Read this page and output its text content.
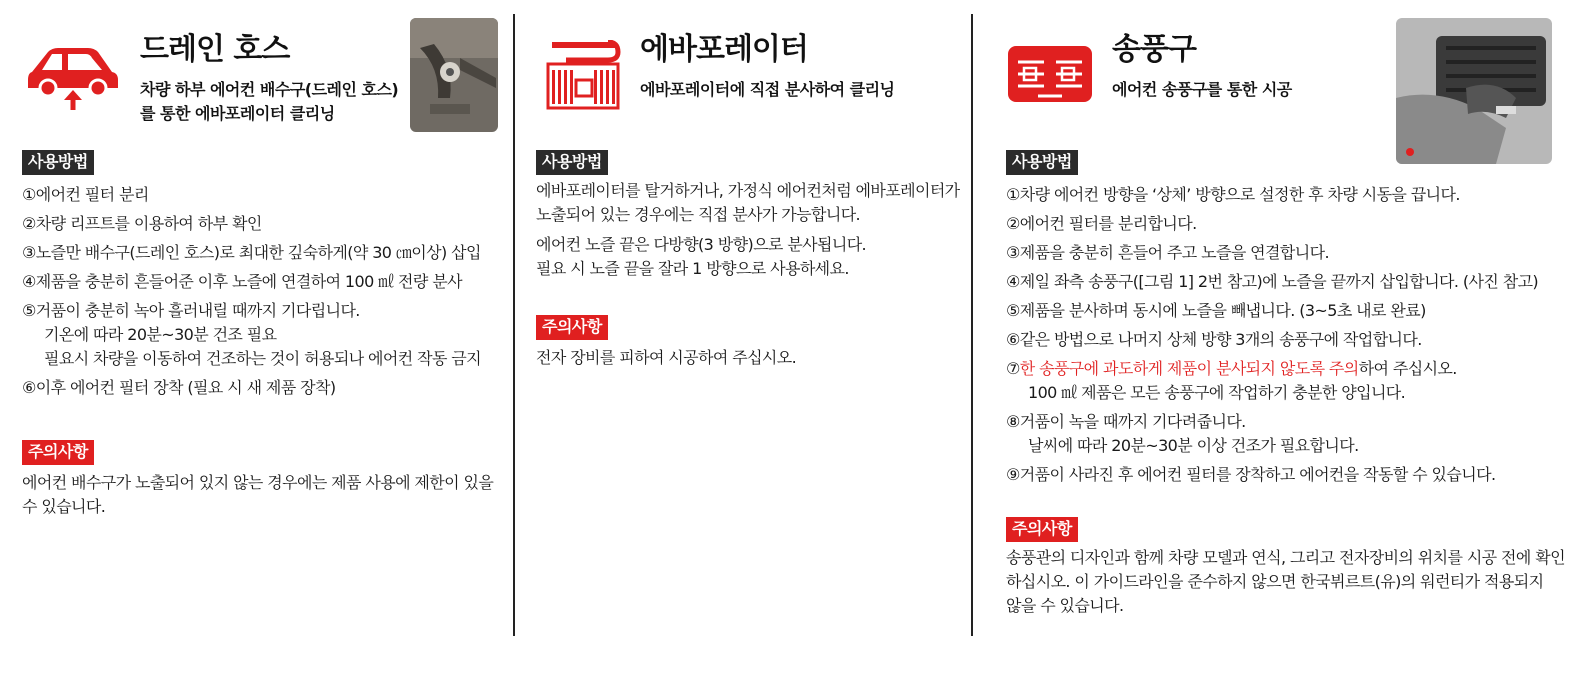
드레인 호스
차량 하부 에어컨 배수구(드레인 호스)
를 통한 에바포레이터 클리닝
사용방법
①에어컨 필터 분리
②차량 리프트를 이용하여 하부 확인
③노즐만 배수구(드레인 호스)로 최대한 깊숙하게(약 30 ㎝이상) 삽입
④제품을 충분히 흔들어준 이후 노즐에 연결하여 100 ㎖ 전량 분사
⑤거품이 충분히 녹아 흘러내릴 때까지 기다립니다.
기온에 따라 20분~30분 건조 필요
필요시 차량을 이동하여 건조하는 것이 허용되나 에어컨 작동 금지
⑥이후 에어컨 필터 장착 (필요 시 새 제품 장착)
주의사항

에어컨 배수구가 노출되어 있지 않는 경우에는 제품 사용에 제한이 있을 수 있습니다.

에바포레이터
에바포레이터에 직접 분사하여 클리닝
사용방법
에바포레이터를 탈거하거나, 가정식 에어컨처럼 에바포레이터가
노출되어 있는 경우에는 직접 분사가 가능합니다.
에어컨 노즐 끝은 다방향(3 방향)으로 분사됩니다.
필요 시 노즐 끝을 잘라 1 방향으로 사용하세요.
주의사항

전자 장비를 피하여 시공하여 주십시오.

송풍구
에어컨 송풍구를 통한 시공
사용방법
①차량 에어컨 방향을 ‘상체’ 방향으로 설정한 후 차량 시동을 끕니다.
②에어컨 필터를 분리합니다.
③제품을 충분히 흔들어 주고 노즐을 연결합니다.
④제일 좌측 송풍구([그림 1] 2번 참고)에 노즐을 끝까지 삽입합니다. (사진 참고)
⑤제품을 분사하며 동시에 노즐을 빼냅니다. (3~5초 내로 완료)
⑥같은 방법으로 나머지 상체 방향 3개의 송풍구에 작업합니다.
⑦한 송풍구에 과도하게 제품이 분사되지 않도록 주의하여 주십시오.
100 ㎖ 제품은 모든 송풍구에 작업하기 충분한 양입니다.
⑧거품이 녹을 때까지 기다려줍니다.
날씨에 따라 20분~30분 이상 건조가 필요합니다.
⑨거품이 사라진 후 에어컨 필터를 장착하고 에어컨을 작동할 수 있습니다.
주의사항
송풍관의 디자인과 함께 차량 모델과 연식, 그리고 전자장비의 위치를 시공 전에 확인
하십시오. 이 가이드라인을 준수하지 않으면 한국뷔르트(유)의 워런티가 적용되지
않을 수 있습니다.
